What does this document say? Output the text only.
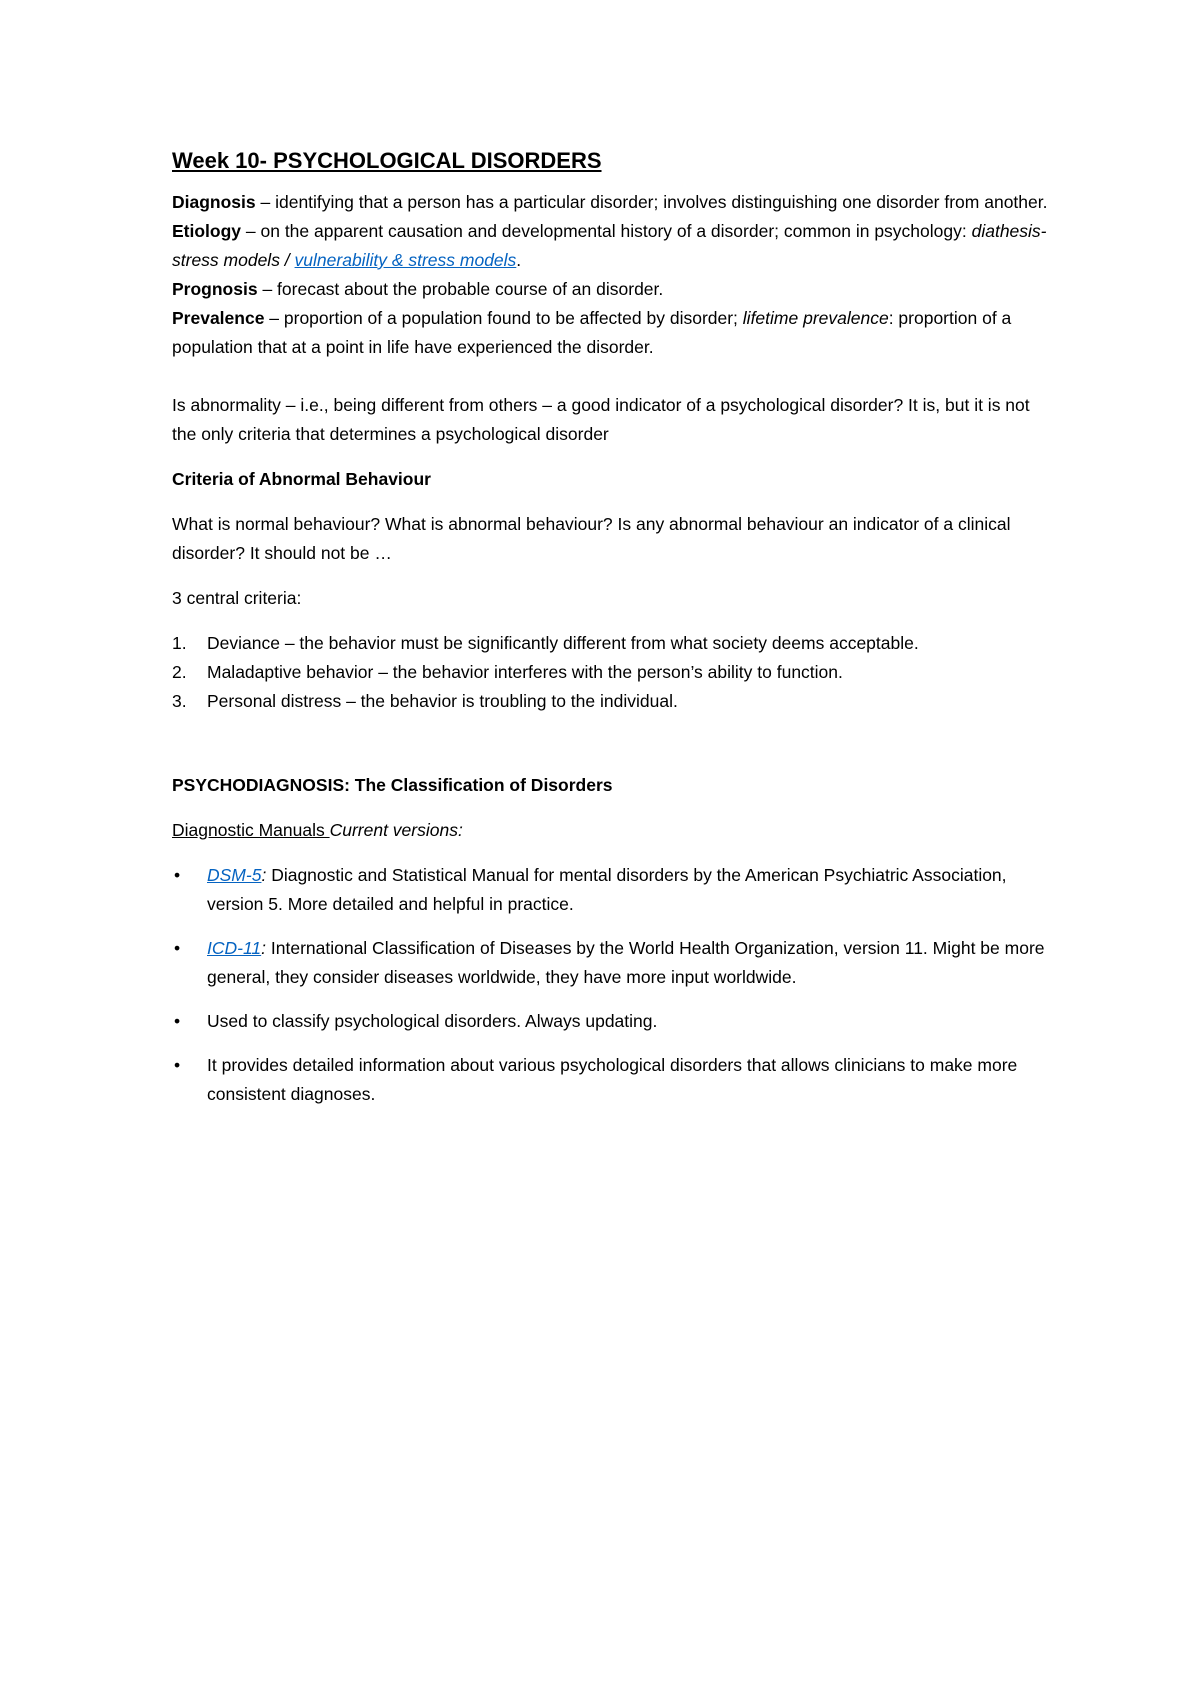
Week 10- PSYCHOLOGICAL DISORDERS

Diagnosis – identifying that a person has a particular disorder; involves distinguishing one disorder from another.

Etiology – on the apparent causation and developmental history of a disorder; common in psychology: diathesis-stress models / vulnerability & stress models.

Prognosis – forecast about the probable course of an disorder.

Prevalence – proportion of a population found to be affected by disorder; lifetime prevalence: proportion of a population that at a point in life have experienced the disorder.

Is abnormality – i.e., being different from others – a good indicator of a psychological disorder? It is, but it is not the only criteria that determines a psychological disorder

Criteria of Abnormal Behaviour

What is normal behaviour? What is abnormal behaviour? Is any abnormal behaviour an indicator of a clinical disorder? It should not be …

3 central criteria:

1. Deviance – the behavior must be significantly different from what society deems acceptable.
2. Maladaptive behavior – the behavior interferes with the person’s ability to function.
3. Personal distress – the behavior is troubling to the individual.

PSYCHODIAGNOSIS: The Classification of Disorders

Diagnostic Manuals Current versions:

• DSM-5: Diagnostic and Statistical Manual for mental disorders by the American Psychiatric Association, version 5. More detailed and helpful in practice.
• ICD-11: International Classification of Diseases by the World Health Organization, version 11. Might be more general, they consider diseases worldwide, they have more input worldwide.
• Used to classify psychological disorders. Always updating.
• It provides detailed information about various psychological disorders that allows clinicians to make more consistent diagnoses.
